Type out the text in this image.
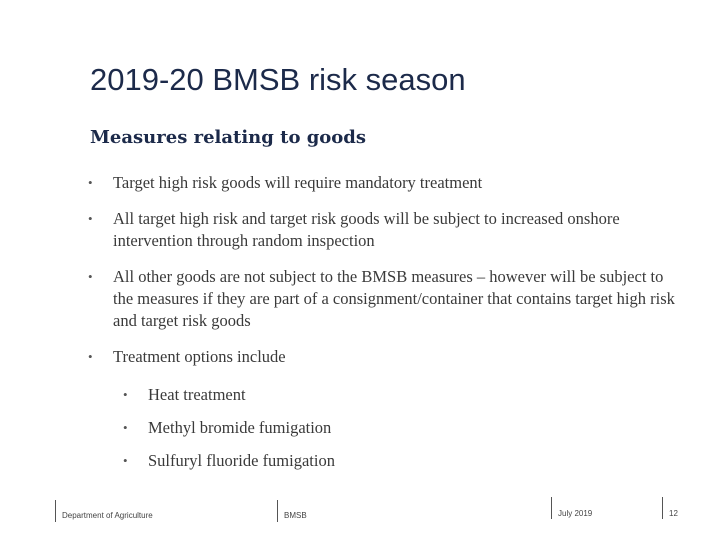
2019-20 BMSB risk season
Measures relating to goods
• Target high risk goods will require mandatory treatment
• All target high risk and target risk goods will be subject to increased onshore intervention through random inspection
• All other goods are not subject to the BMSB measures – however will be subject to the measures if they are part of a consignment/container that contains target high risk and target risk goods
• Treatment options include
• Heat treatment
• Methyl bromide fumigation
• Sulfuryl fluoride fumigation
Department of Agriculture	BMSB	July 2019	12
